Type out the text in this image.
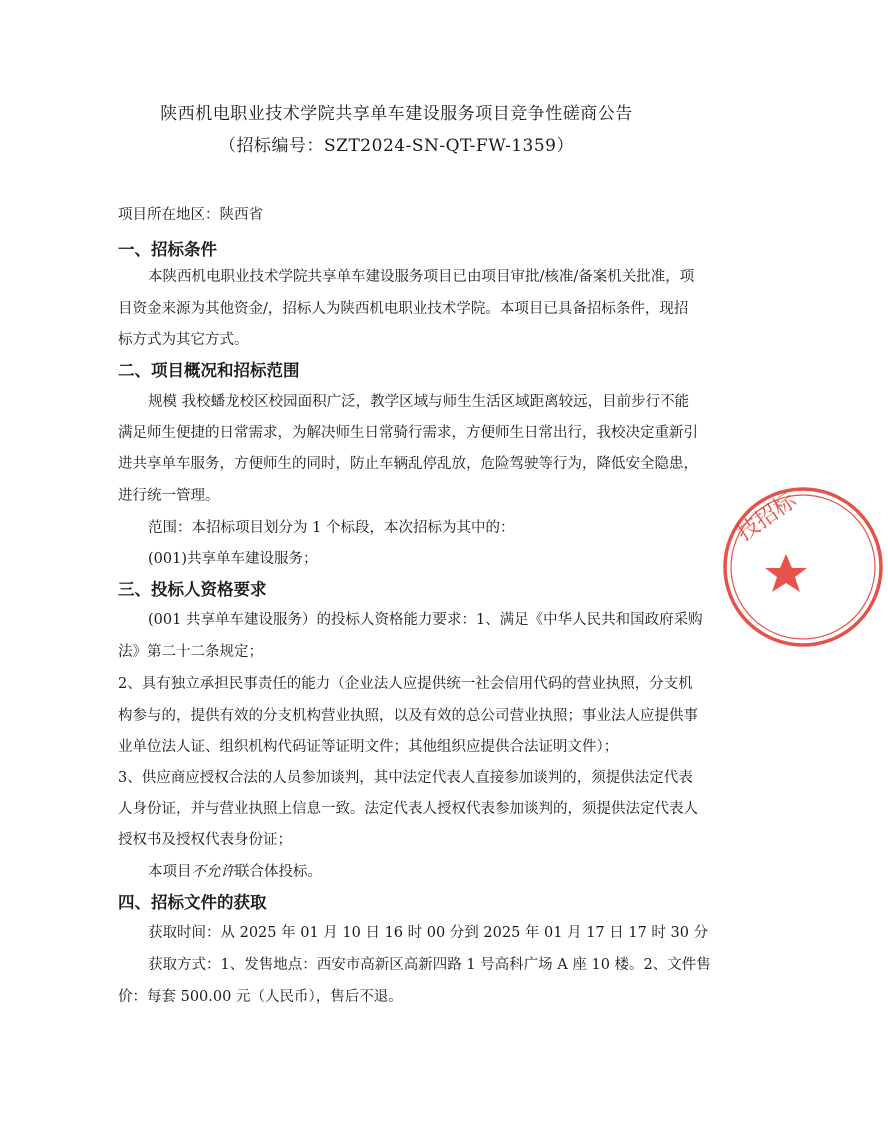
陕西机电职业技术学院共享单车建设服务项目竞争性磋商公告
（招标编号：SZT2024-SN-QT-FW-1359）
项目所在地区：陕西省
一、招标条件
本陕西机电职业技术学院共享单车建设服务项目已由项目审批/核准/备案机关批准，项
目资金来源为其他资金/，招标人为陕西机电职业技术学院。本项目已具备招标条件，现招
标方式为其它方式。
二、项目概况和招标范围
规模 我校蟠龙校区校园面积广泛，教学区域与师生生活区域距离较远，目前步行不能
满足师生便捷的日常需求，为解决师生日常骑行需求，方便师生日常出行，我校决定重新引
进共享单车服务，方便师生的同时，防止车辆乱停乱放，危险驾驶等行为，降低安全隐患，
进行统一管理。
范围：本招标项目划分为 1 个标段，本次招标为其中的：
(001)共享单车建设服务；
三、投标人资格要求
(001 共享单车建设服务）的投标人资格能力要求：1、满足《中华人民共和国政府采购
法》第二十二条规定；
2、具有独立承担民事责任的能力（企业法人应提供统一社会信用代码的营业执照，分支机
构参与的，提供有效的分支机构营业执照，以及有效的总公司营业执照；事业法人应提供事
业单位法人证、组织机构代码证等证明文件；其他组织应提供合法证明文件）；
3、供应商应授权合法的人员参加谈判，其中法定代表人直接参加谈判的，须提供法定代表
人身份证，并与营业执照上信息一致。法定代表人授权代表参加谈判的，须提供法定代表人
授权书及授权代表身份证；
本项目不允许联合体投标。
四、招标文件的获取
获取时间：从 2025 年 01 月 10 日 16 时 00 分到 2025 年 01 月 17 日 17 时 30 分
获取方式：1、发售地点：西安市高新区高新四路 1 号高科广场 A 座 10 楼。2、文件售
价：每套 500.00 元（人民币），售后不退。
技招标
